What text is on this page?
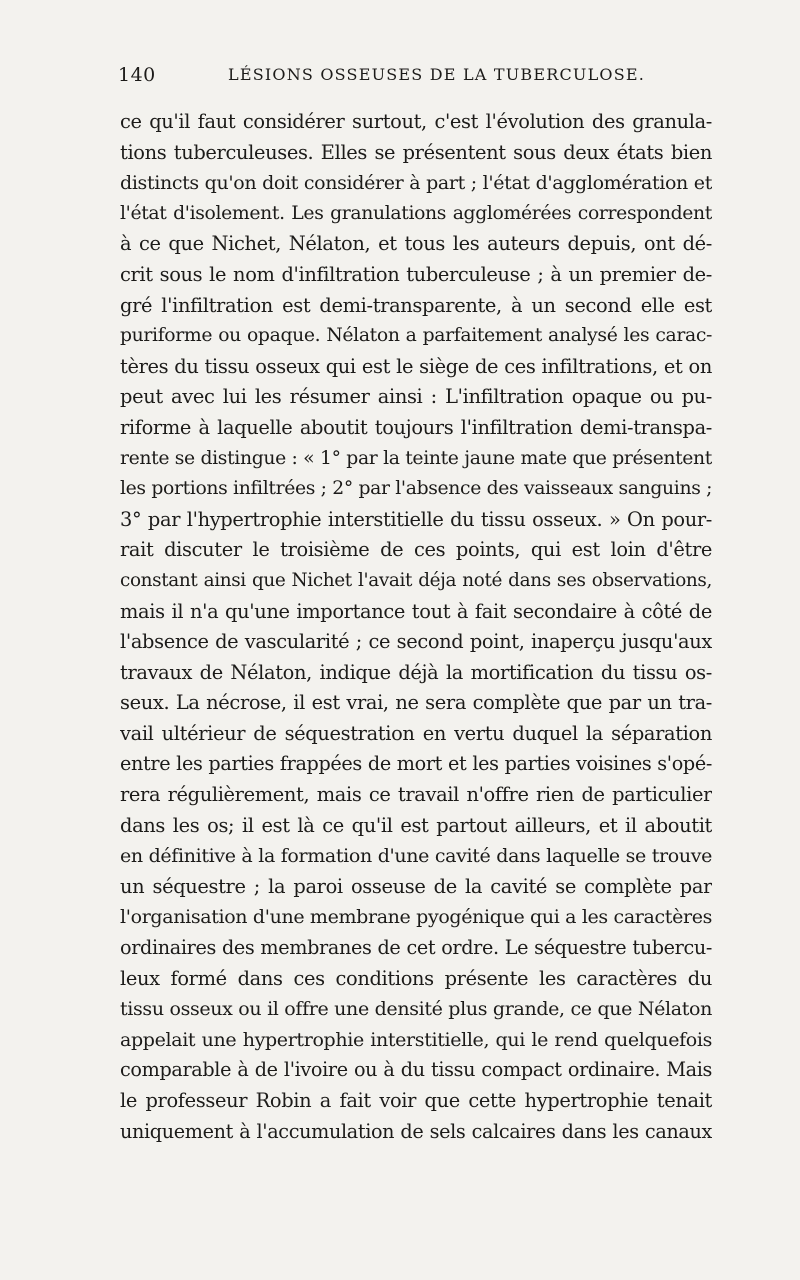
140	LÉSIONS OSSEUSES DE LA TUBERCULOSE.
ce qu'il faut considérer surtout, c'est l'évolution des granula-
tions tuberculeuses. Elles se présentent sous deux états bien
distincts qu'on doit considérer à part ; l'état d'agglomération et
l'état d'isolement. Les granulations agglomérées correspondent
à ce que Nichet, Nélaton, et tous les auteurs depuis, ont dé-
crit sous le nom d'infiltration tuberculeuse ; à un premier de-
gré l'infiltration est demi-transparente, à un second elle est
puriforme ou opaque. Nélaton a parfaitement analysé les carac-
tères du tissu osseux qui est le siège de ces infiltrations, et on
peut avec lui les résumer ainsi : L'infiltration opaque ou pu-
riforme à laquelle aboutit toujours l'infiltration demi-transpa-
rente se distingue : « 1° par la teinte jaune mate que présentent
les portions infiltrées ; 2° par l'absence des vaisseaux sanguins ;
3° par l'hypertrophie interstitielle du tissu osseux. » On pour-
rait discuter le troisième de ces points, qui est loin d'être
constant ainsi que Nichet l'avait déja noté dans ses observations,
mais il n'a qu'une importance tout à fait secondaire à côté de
l'absence de vascularité ; ce second point, inaperçu jusqu'aux
travaux de Nélaton, indique déjà la mortification du tissu os-
seux. La nécrose, il est vrai, ne sera complète que par un tra-
vail ultérieur de séquestration en vertu duquel la séparation
entre les parties frappées de mort et les parties voisines s'opé-
rera régulièrement, mais ce travail n'offre rien de particulier
dans les os; il est là ce qu'il est partout ailleurs, et il aboutit
en définitive à la formation d'une cavité dans laquelle se trouve
un séquestre ; la paroi osseuse de la cavité se complète par
l'organisation d'une membrane pyogénique qui a les caractères
ordinaires des membranes de cet ordre. Le séquestre tubercu-
leux formé dans ces conditions présente les caractères du
tissu osseux ou il offre une densité plus grande, ce que Nélaton
appelait une hypertrophie interstitielle, qui le rend quelquefois
comparable à de l'ivoire ou à du tissu compact ordinaire. Mais
le professeur Robin a fait voir que cette hypertrophie tenait
uniquement à l'accumulation de sels calcaires dans les canaux
